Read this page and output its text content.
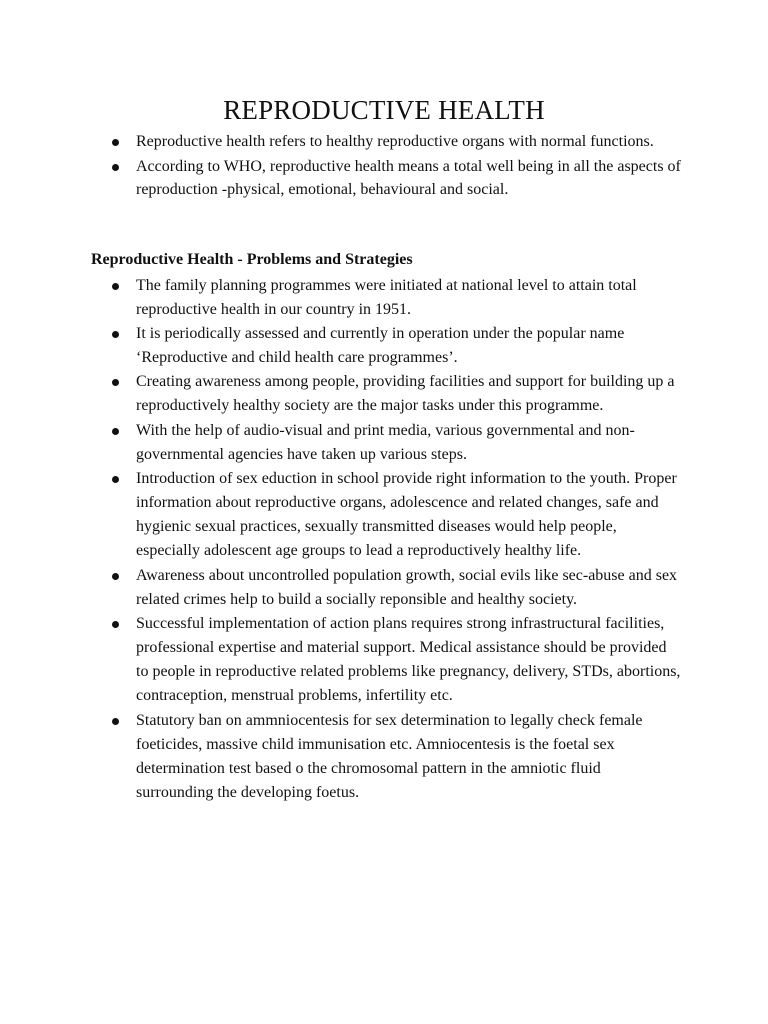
REPRODUCTIVE HEALTH
Reproductive health refers to healthy reproductive organs with normal functions.
According to WHO, reproductive health means a total well being in all the aspects of reproduction -physical, emotional, behavioural and social.
Reproductive Health - Problems and Strategies
The family planning programmes were initiated at national level to attain total reproductive health in our country in 1951.
It is periodically assessed and currently in operation under the popular name ‘Reproductive and child health care programmes’.
Creating awareness among people, providing facilities and support for building up a reproductively healthy society are the major tasks under this programme.
With the help of audio-visual and print media, various governmental and non-governmental agencies have taken up various steps.
Introduction of sex eduction in school provide right information to the youth. Proper information about reproductive organs, adolescence and related changes, safe and hygienic sexual practices, sexually transmitted diseases would help people, especially adolescent age groups to lead a reproductively healthy life.
Awareness about uncontrolled population growth, social evils like sec-abuse and sex related crimes help to build a socially reponsible and healthy society.
Successful implementation of action plans requires strong infrastructural facilities, professional expertise and material support. Medical assistance should be provided to people in reproductive related problems like pregnancy, delivery, STDs, abortions, contraception, menstrual problems, infertility etc.
Statutory ban on ammniocentesis for sex determination to legally check female foeticides, massive child immunisation etc. Amniocentesis is the foetal sex determination test based o the chromosomal pattern in the amniotic fluid surrounding the developing foetus.
